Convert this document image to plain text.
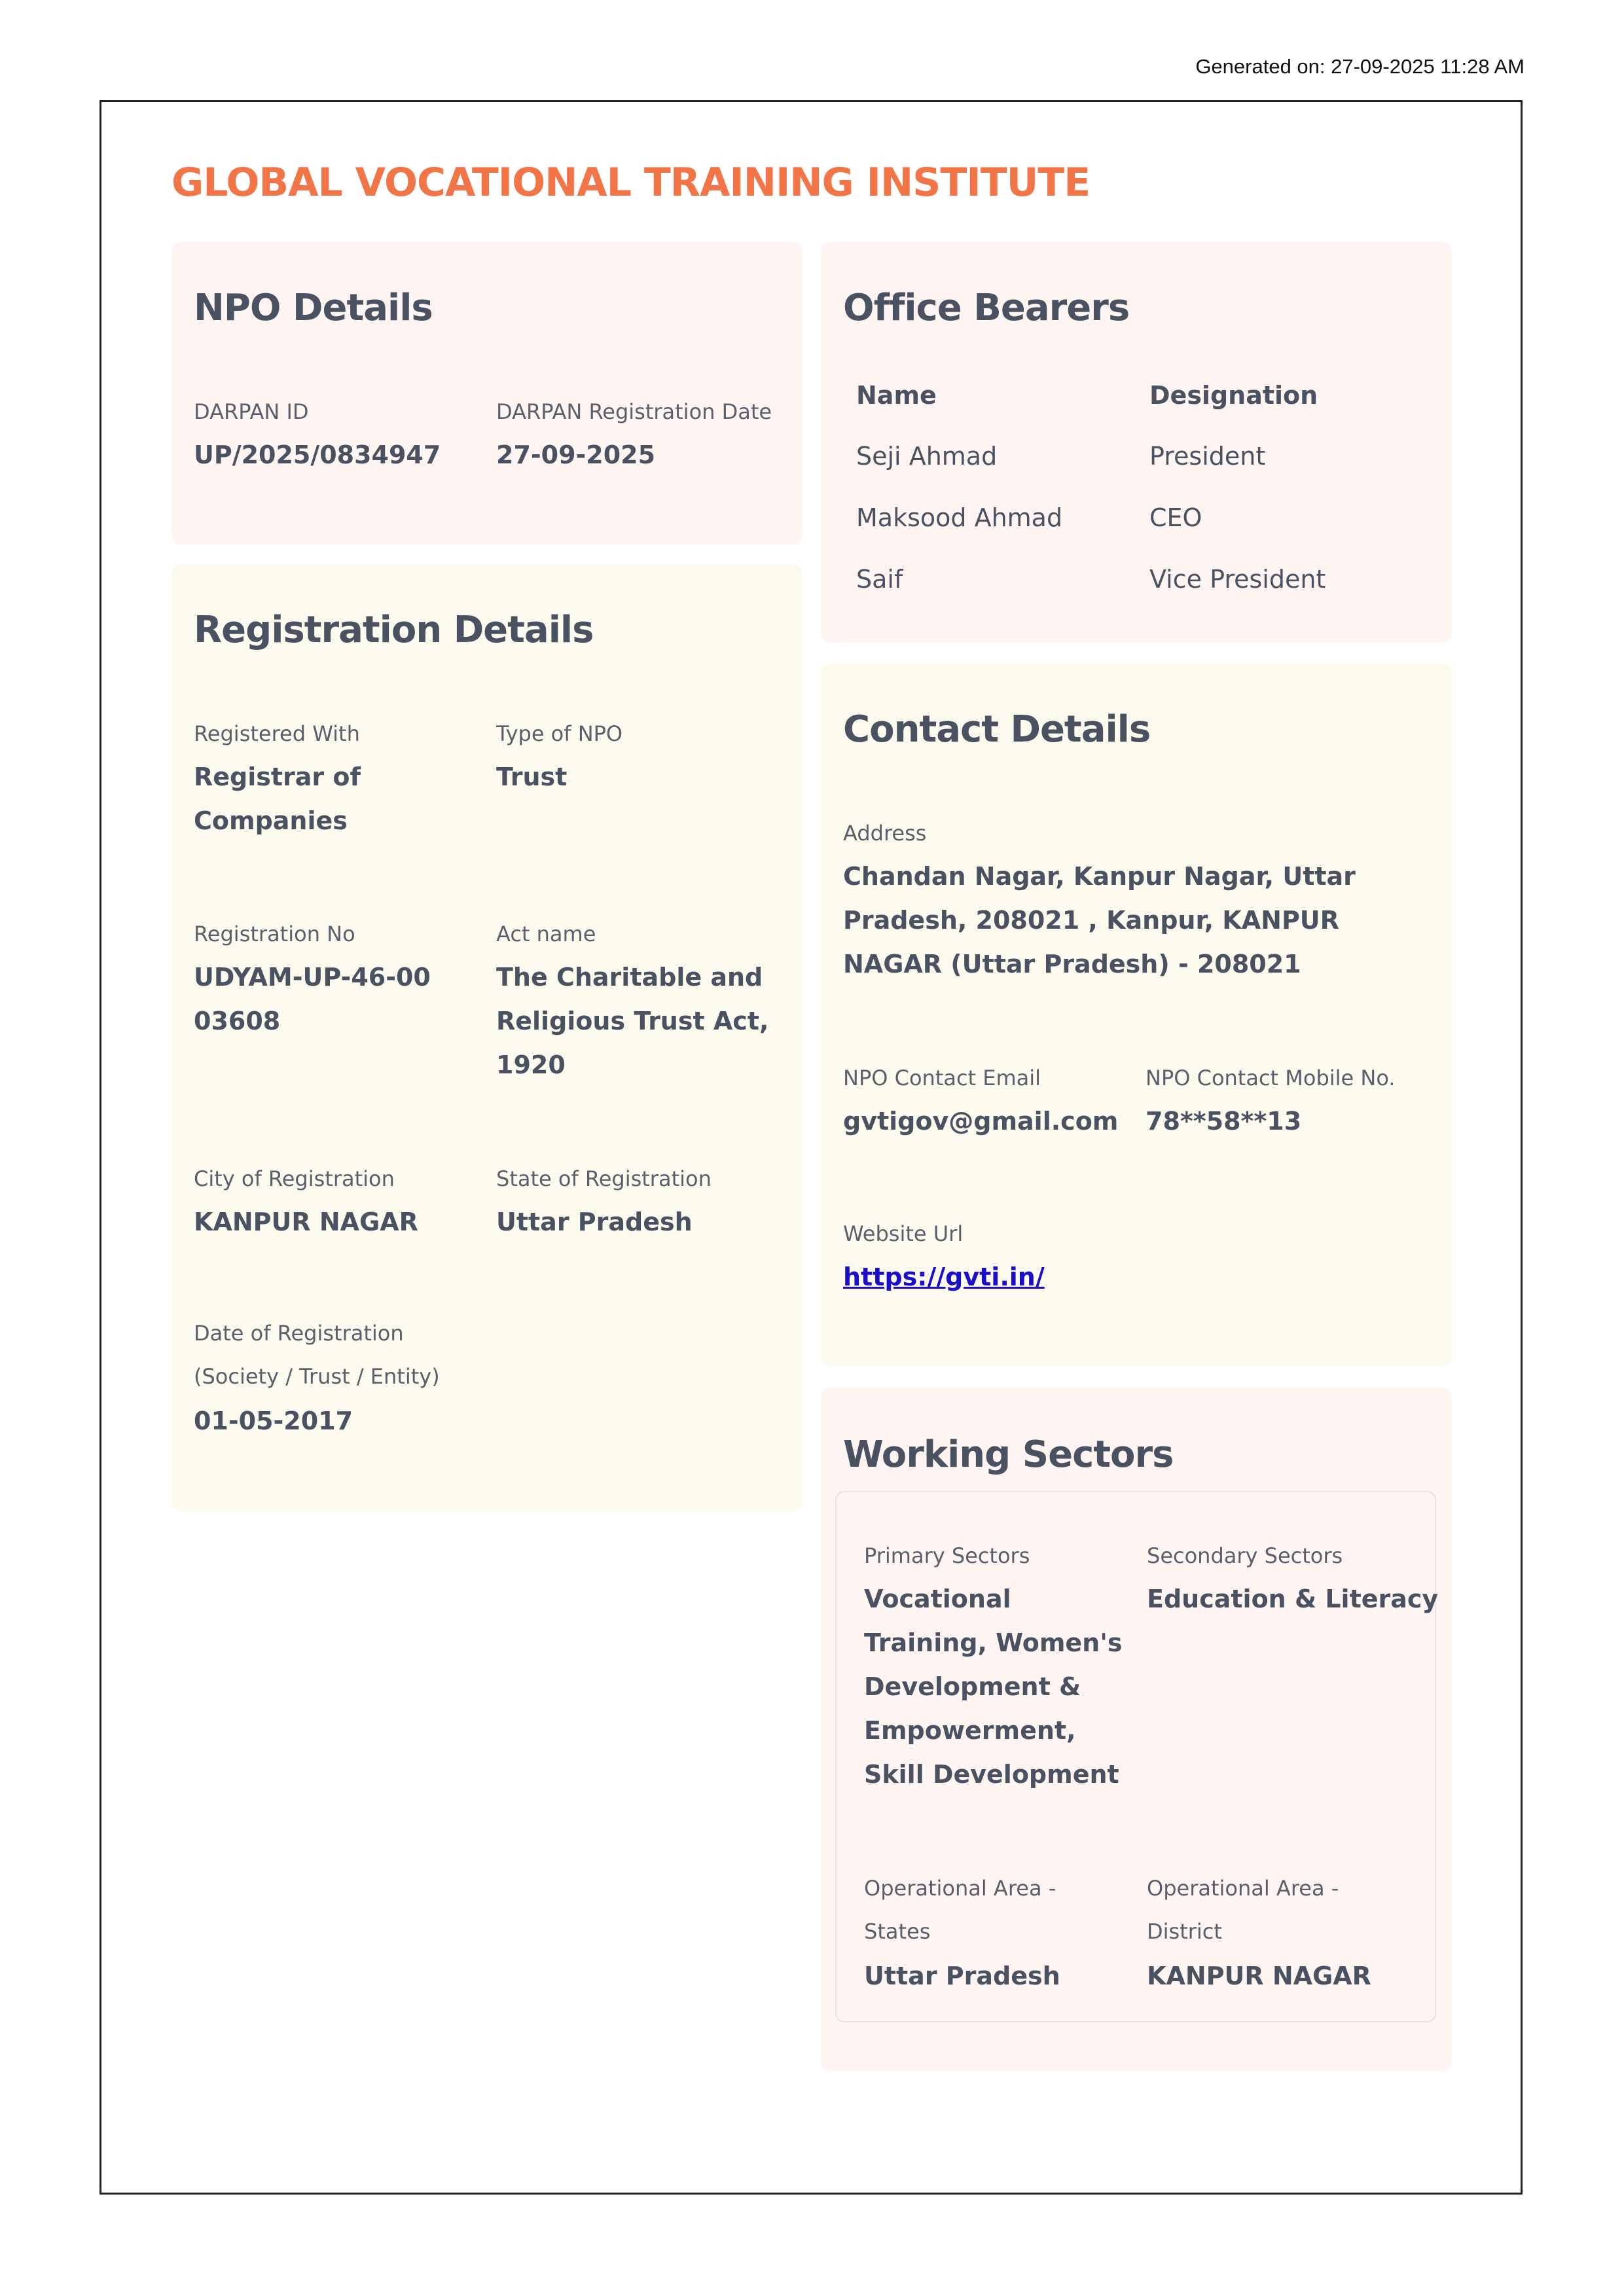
Generated on: 27-09-2025 11:28 AM
GLOBAL VOCATIONAL TRAINING INSTITUTE
NPO Details
DARPAN ID
UP/2025/0834947
DARPAN Registration Date
27-09-2025
Registration Details
Registered With
Registrar of Companies
Type of NPO
Trust
Registration No
UDYAM-UP-46-0003608
Act name
The Charitable and Religious Trust Act, 1920
City of Registration
KANPUR NAGAR
State of Registration
Uttar Pradesh
Date of Registration (Society / Trust / Entity)
01-05-2017
Office Bearers
Name	Designation
Seji Ahmad	President
Maksood Ahmad	CEO
Saif	Vice President
Contact Details
Address
Chandan Nagar, Kanpur Nagar, Uttar Pradesh, 208021 , Kanpur, KANPUR NAGAR (Uttar Pradesh) - 208021
NPO Contact Email
gvtigov@gmail.com
NPO Contact Mobile No.
78**58**13
Website Url
https://gvti.in/
Working Sectors
Primary Sectors
Vocational Training, Women's Development & Empowerment, Skill Development
Secondary Sectors
Education & Literacy
Operational Area - States
Uttar Pradesh
Operational Area - District
KANPUR NAGAR
